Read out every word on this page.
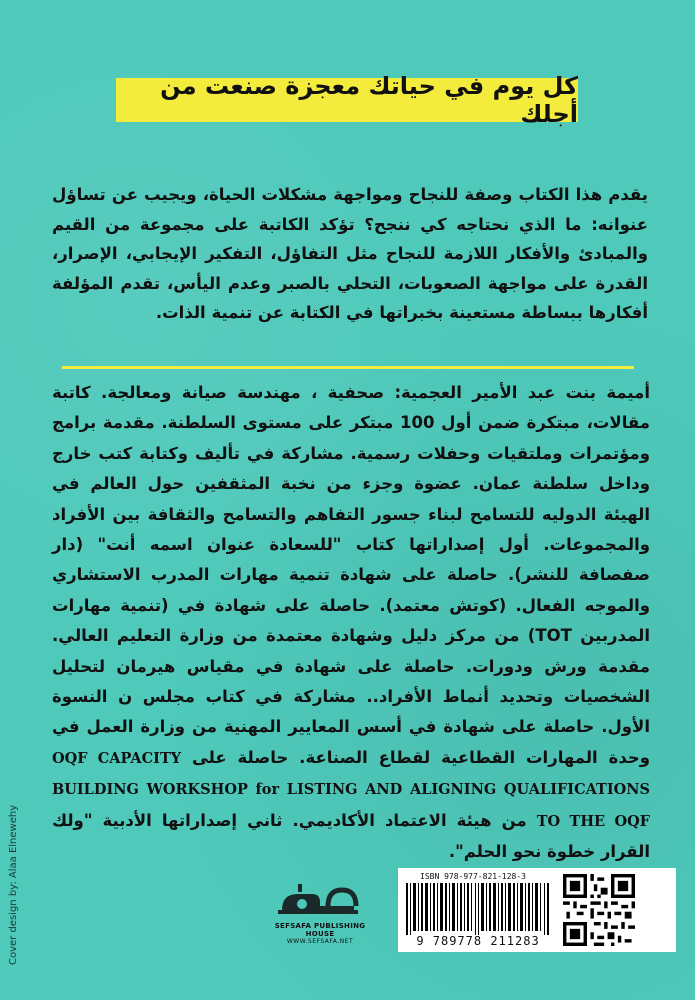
كل يوم في حياتك معجزة صنعت من أجلك
يقدم هذا الكتاب وصفة للنجاح ومواجهة مشكلات الحياة، ويجيب عن تساؤل عنوانه: ما الذي نحتاجه كي ننجح؟ تؤكد الكاتبة على مجموعة من القيم والمبادئ والأفكار اللازمة للنجاح مثل التفاؤل، التفكير الإيجابي، الإصرار، القدرة على مواجهة الصعوبات، التحلي بالصبر وعدم اليأس، تقدم المؤلفة أفكارها ببساطة مستعينة بخبراتها في الكتابة عن تنمية الذات.
أميمة بنت عبد الأمير العجمية: صحفية ، مهندسة صيانة ومعالجة. كاتبة مقالات، مبتكرة ضمن أول 100 مبتكر على مستوى السلطنة. مقدمة برامج ومؤتمرات وملتقيات وحفلات رسمية. مشاركة في تأليف وكتابة كتب خارج وداخل سلطنة عمان. عضوة وجزء من نخبة المثقفين حول العالم في الهيئة الدوليه للتسامح لبناء جسور التفاهم والتسامح والثقافة بين الأفراد والمجموعات. أول إصداراتها كتاب "للسعادة عنوان اسمه أنت" (دار صفصافة للنشر). حاصلة على شهادة تنمية مهارات المدرب الاستشاري والموجه الفعال. (كوتش معتمد). حاصلة على شهادة في (تنمية مهارات المدربين TOT) من مركز دليل وشهادة معتمدة من وزارة التعليم العالي. مقدمة ورش ودورات. حاصلة على شهادة في مقياس هيرمان لتحليل الشخصيات وتحديد أنماط الأفراد.. مشاركة في كتاب مجلس ن النسوة الأول. حاصلة على شهادة في أسس المعايير المهنية من وزارة العمل في وحدة المهارات القطاعية لقطاع الصناعة. حاصلة على OQF CAPACITY BUILDING WORKSHOP for LISTING AND ALIGNING QUALIFICATIONS TO THE OQF من هيئة الاعتماد الأكاديمي. ثاني إصداراتها الأدبية "ولك القرار خطوة نحو الحلم".
Cover design by: Alaa Elnewehy	SEFSAFA PUBLISHING HOUSE
WWW.SEFSAFA.NET
ISBN 978-977-821-128-3
9 789778 211283
